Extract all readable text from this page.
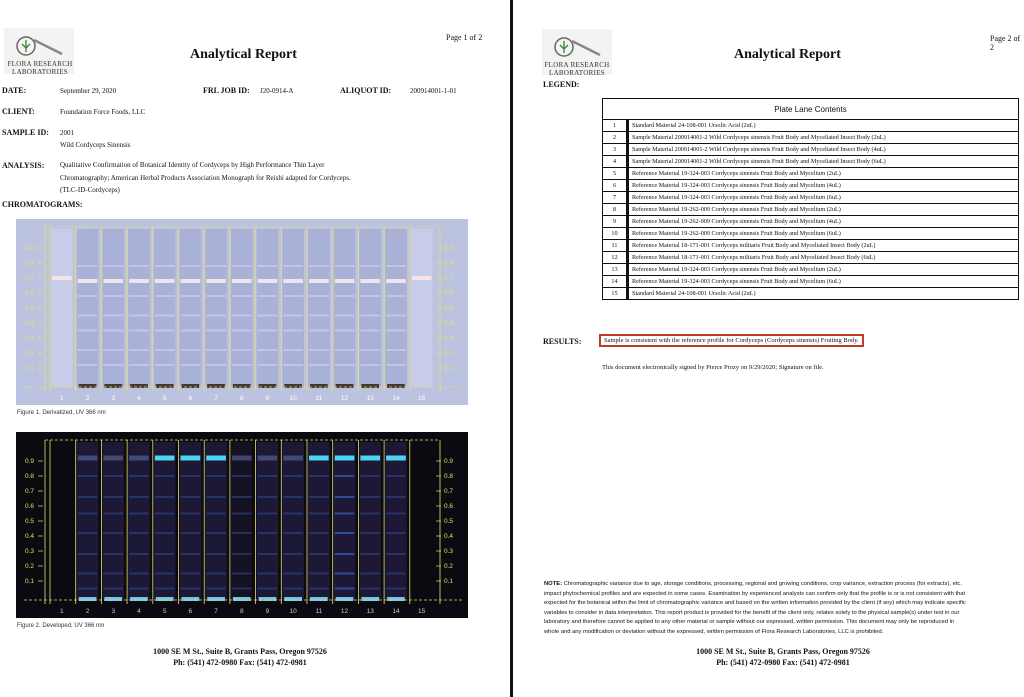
Page 1 of 2
FLORA RESEARCH
LABORATORIES
Analytical Report
DATE:	September 29, 2020	FRL JOB ID: J20-0914-A	ALIQUOT ID:	200914001-1-01
CLIENT:	Foundation Force Foods, LLC
SAMPLE ID: 2001
Wild Cordyceps Sinensis
ANALYSIS: Qualitative Confirmation of Botanical Identity of Cordyceps by High Performance Thin Layer
Chromatography; American Herbal Products Association Monograph for Reishi adapted for Cordyceps.
(TLC-ID-Cordyceps)
CHROMATOGRAMS:
1	2	3	4	5	6	7	8	9	10	11	12	13	14	15
0.9	0.9
0.8	0.8
0.7	0.7
0.6	0.6
0.5	0.5
0.4	0.4
0.3	0.3
0.2	0.2
0.1	0.1
Figure 1. Derivatized, UV 366 nm
1	2	3	4	5	6	7	8	9	10	11	12	13	14	15
0.9	0.9
0.8	0.8
0.7	0.7
0.6	0.6
0.5	0.5
0.4	0.4
0.3	0.3
0.2	0.2
0.1	0.1
Figure 2. Developed, UV 366 nm
1000 SE M St., Suite B, Grants Pass, Oregon 97526
Ph: (541) 472-0980 Fax: (541) 472-0981
Page 2 of 2
FLORA RESEARCH
LABORATORIES
Analytical Report
LEGEND:
Plate Lane Contents	
1	Standard Material 24-108-001 Ursolic Acid (2uL)
2	Sample Material 200914001-2 Wild Cordyceps sinensis Fruit Body and Myceliated Insect Body (2uL)
3	Sample Material 200914001-2 Wild Cordyceps sinensis Fruit Body and Myceliated Insect Body (4uL)
4	Sample Material 200914001-2 Wild Cordyceps sinensis Fruit Body and Myceliated Insect Body (6uL)
5	Reference Material 19-324-003 Cordyceps sinensis Fruit Body and Mycelium (2uL)
6	Reference Material 19-324-003 Cordyceps sinensis Fruit Body and Mycelium (4uL)
7	Reference Material 19-324-003 Cordyceps sinensis Fruit Body and Mycelium (6uL)
8	Reference Material 19-262-009 Cordyceps sinensis Fruit Body and Mycelium (2uL)
9	Reference Material 19-262-009 Cordyceps sinensis Fruit Body and Mycelium (4uL)
10	Reference Material 19-262-009 Cordyceps sinensis Fruit Body and Mycelium (6uL)
11	Reference Material 18-171-001 Cordyceps militaris Fruit Body and Myceliated Insect Body (2uL)
12	Reference Material 18-171-001 Cordyceps militaris Fruit Body and Myceliated Insect Body (6uL)
13	Reference Material 19-324-003 Cordyceps sinensis Fruit Body and Mycelium (2uL)
14	Reference Material 19-324-003 Cordyceps sinensis Fruit Body and Mycelium (6uL)
15	Standard Material 24-108-001 Ursolic Acid (2uL)
RESULTS:	Sample is consistent with the reference profile for Cordyceps (Cordyceps sinensis) Fruiting Body.
This document electronically signed by Pierce Prozy on 9/29/2020; Signature on file.
NOTE: Chromatographic variance due to age, storage conditions, processing, regional and growing conditions, crop variance, extraction process (for extracts), etc. impact phytochemical profiles and are expected in some cases. Examination by experienced analysts can confirm only that the profile is or is not consistent with that expected for the botanical within the limit of chromatographic variance and based on the written information provided by the client (if any) which may indicate specific variables to consider in data interpretation. This report product is provided for the benefit of the client only, relates solely to the physical sample(s) under test in our laboratory and therefore cannot be applied to any other material or sample without our expressed, written permission. This document may only be reproduced in whole and any modification or deviation without the expressed, written permission of Flora Research Laboratories, LLC is prohibited.
1000 SE M St., Suite B, Grants Pass, Oregon 97526
Ph: (541) 472-0980 Fax: (541) 472-0981
